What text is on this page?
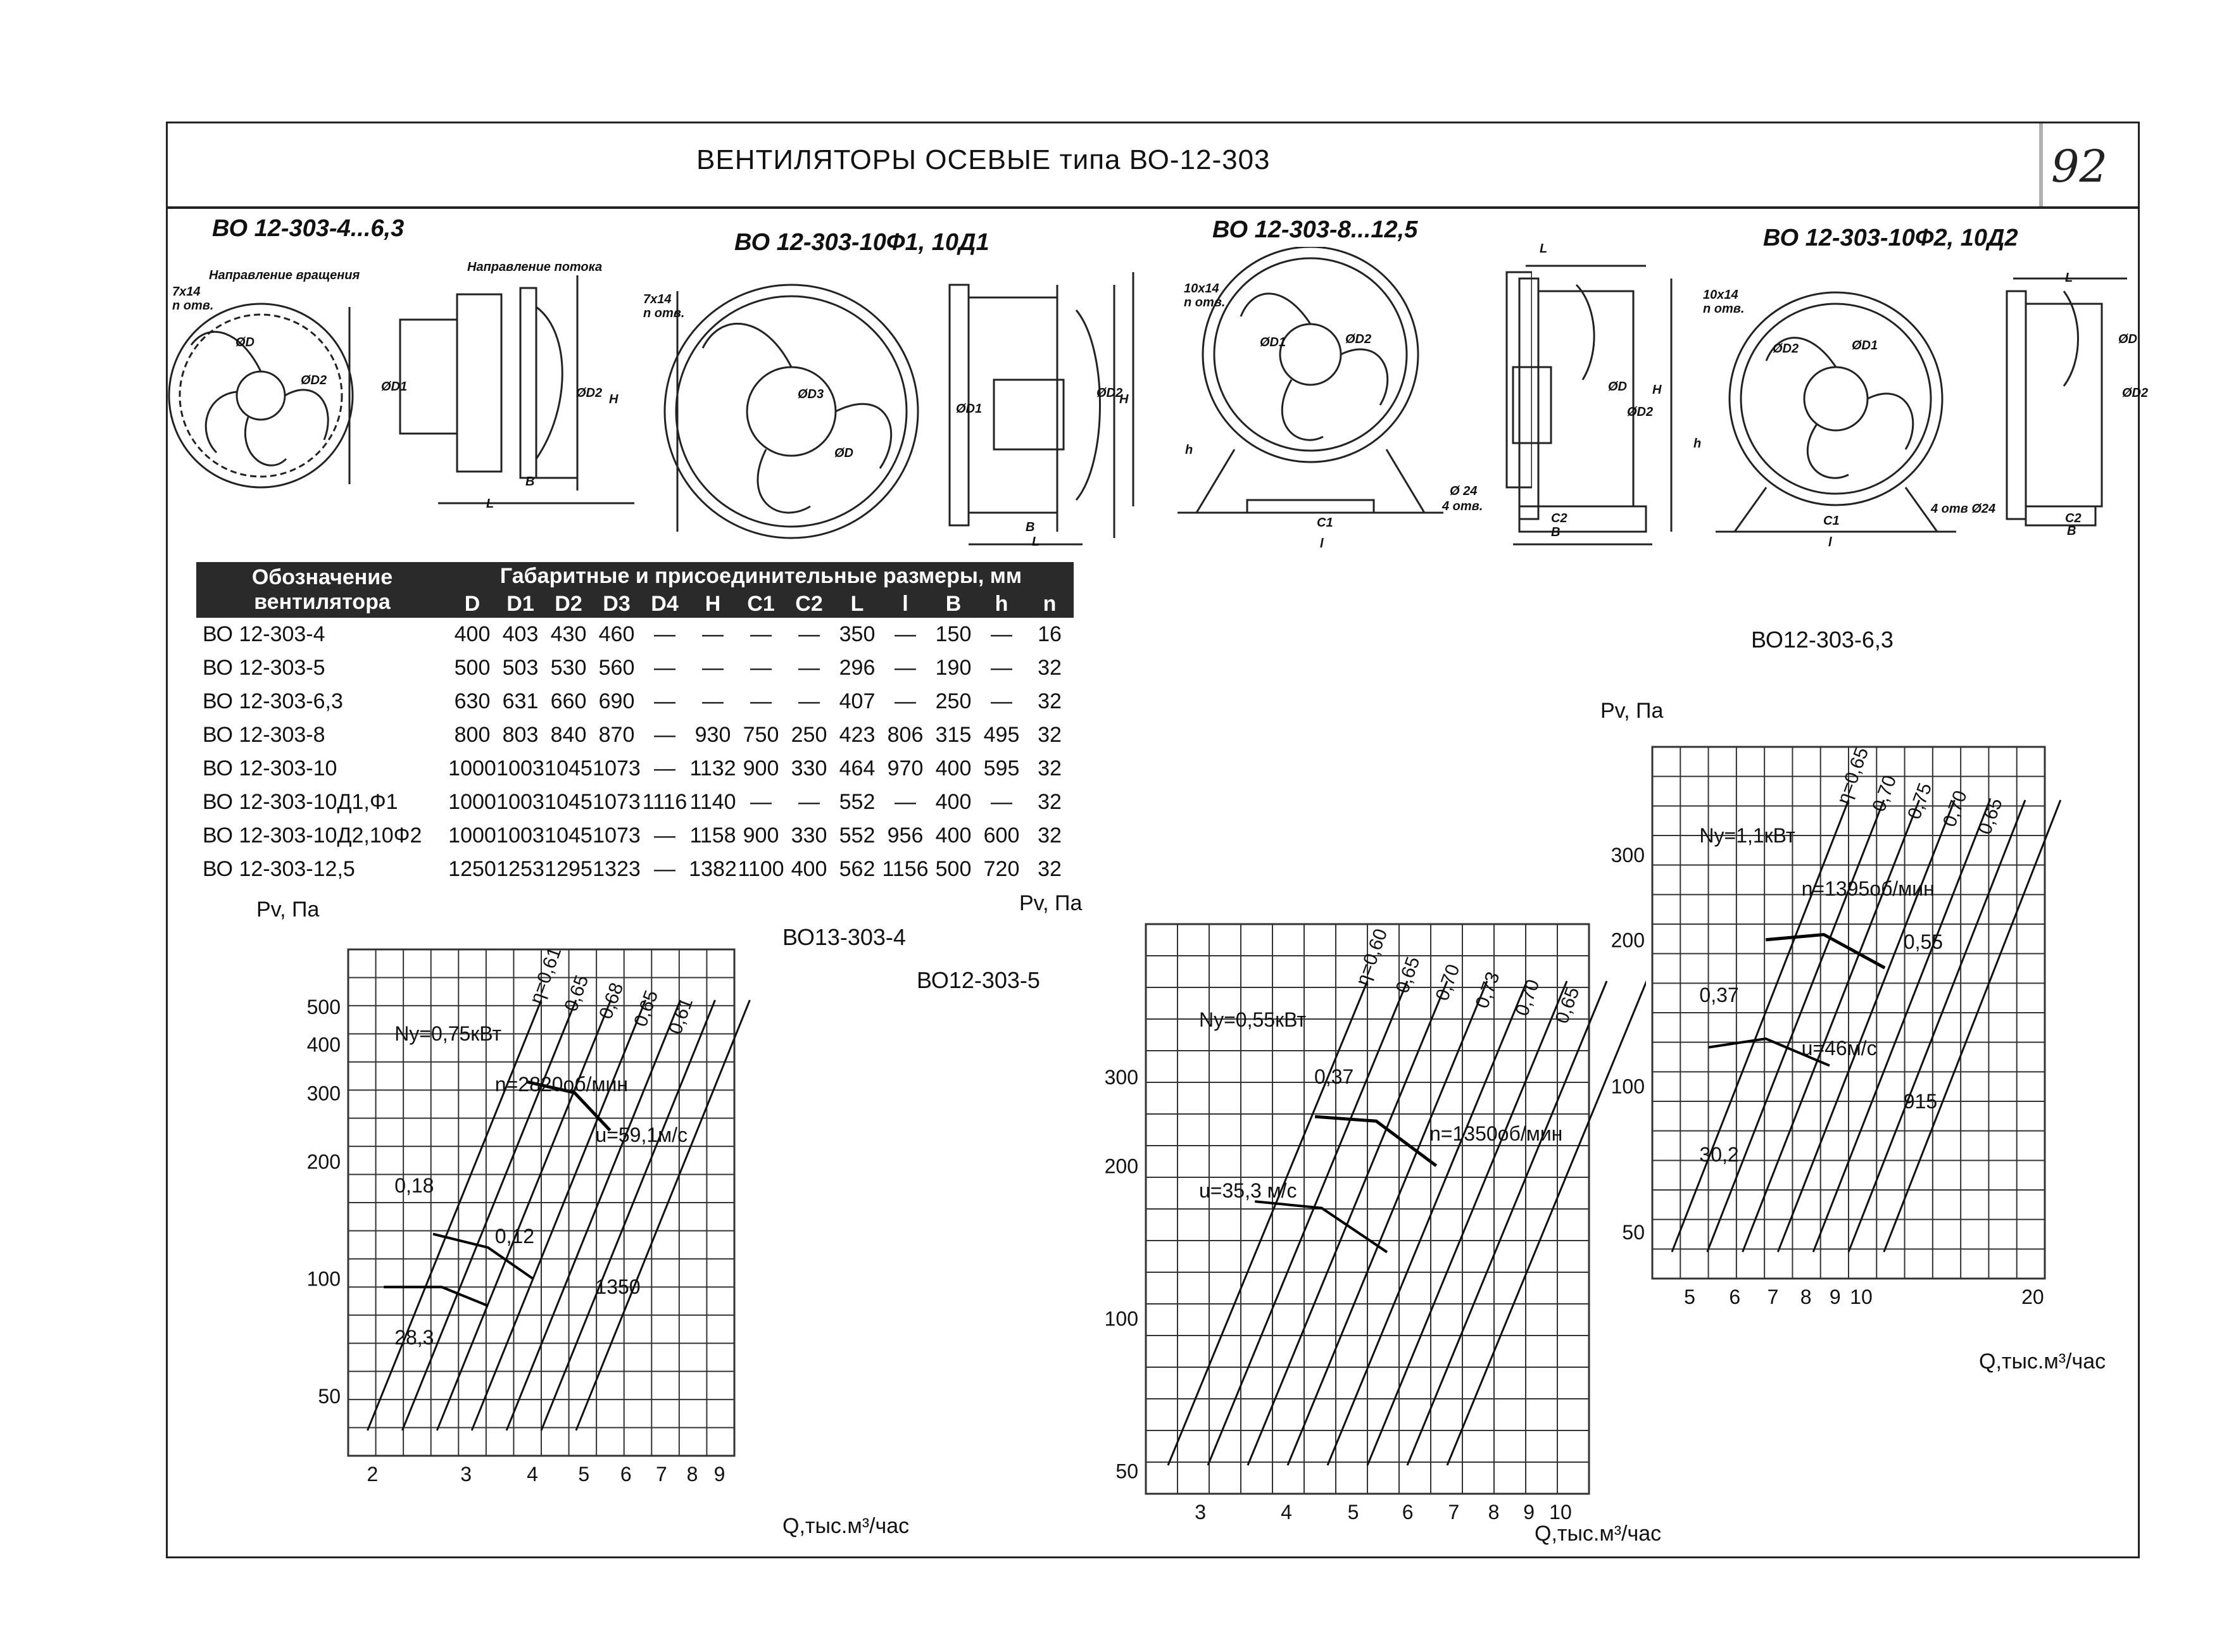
ВЕНТИЛЯТОРЫ ОСЕВЫЕ типа ВО-12-303	92
ВО 12-303-4...6,3
ВО 12-303-10Ф1, 10Д1	ВО 12-303-8...12,5	ВО 12-303-10Ф2, 10Д2
Направление вращения
Направление потока
7x14
n отв.
ØD
ØD2	ØD1	ØD2 H
L
B
7x14
n отв.
ØD3
ØD
ØD1
ØD2
H
B
L
10x14
n отв.
ØD1	ØD2
h
C1
l
Ø 24
4 отв.
L
ØD
ØD2
H
C2
B
10x14
n отв.
ØD2	ØD1
h
C1
l
4 отв Ø24
L
ØD
ØD2
C2
B
Обозначение вентилятора	Габаритные и присоединительные размеры, мм												
	D	D1	D2	D3	D4	H	C1	C2	L	l	B	h	n
ВО 12-303-4	400	403	430	460	—	—	—	—	350	—	150	—	16
ВО 12-303-5	500	503	530	560	—	—	—	—	296	—	190	—	32
ВО 12-303-6,3	630	631	660	690	—	—	—	—	407	—	250	—	32
ВО 12-303-8	800	803	840	870	—	930	750	250	423	806	315	495	32
ВО 12-303-10	1000	1003	1045	1073	—	1132	900	330	464	970	400	595	32
ВО 12-303-10Д1,Ф1	1000	1003	1045	1073	1116	1140	—	—	552	—	400	—	32
ВО 12-303-10Д2,10Ф2	1000	1003	1045	1073	—	1158	900	330	552	956	400	600	32
ВО 12-303-12,5	1250	1253	1295	1323	—	1382	1100	400	562	1156	500	720	32
2	3	4 5 6 7 8 9
500
400
300
200
100
50
η=0,61
0,65 0,68 0,65 0,61
Ny=0,75кВт
n=2820об/мин
u=59,1м/с
0,18
0,12
1350
28,3
3	4	5 6 7 8 9 10
300
200
100
50
η=0,60 0,65 0,70 0,73 0,70 0,65
Ny=0,55кВт
0,37
n=1350об/мин
u=35,3 м/с
5 6 7 8 9 10	20
300
200
100
50
η=0,65
0,70 0,75 0,70 0,65
Ny=1,1кВт
n=1395об/мин
0,55
0,37
u=46м/с
915
30,2
ВО13-303-4
Pv, Па
Q,тыс.м³/час
ВО12-303-5
Pv, Па
Q,тыс.м³/час
ВО12-303-6,3
Pv, Па
Q,тыс.м³/час
